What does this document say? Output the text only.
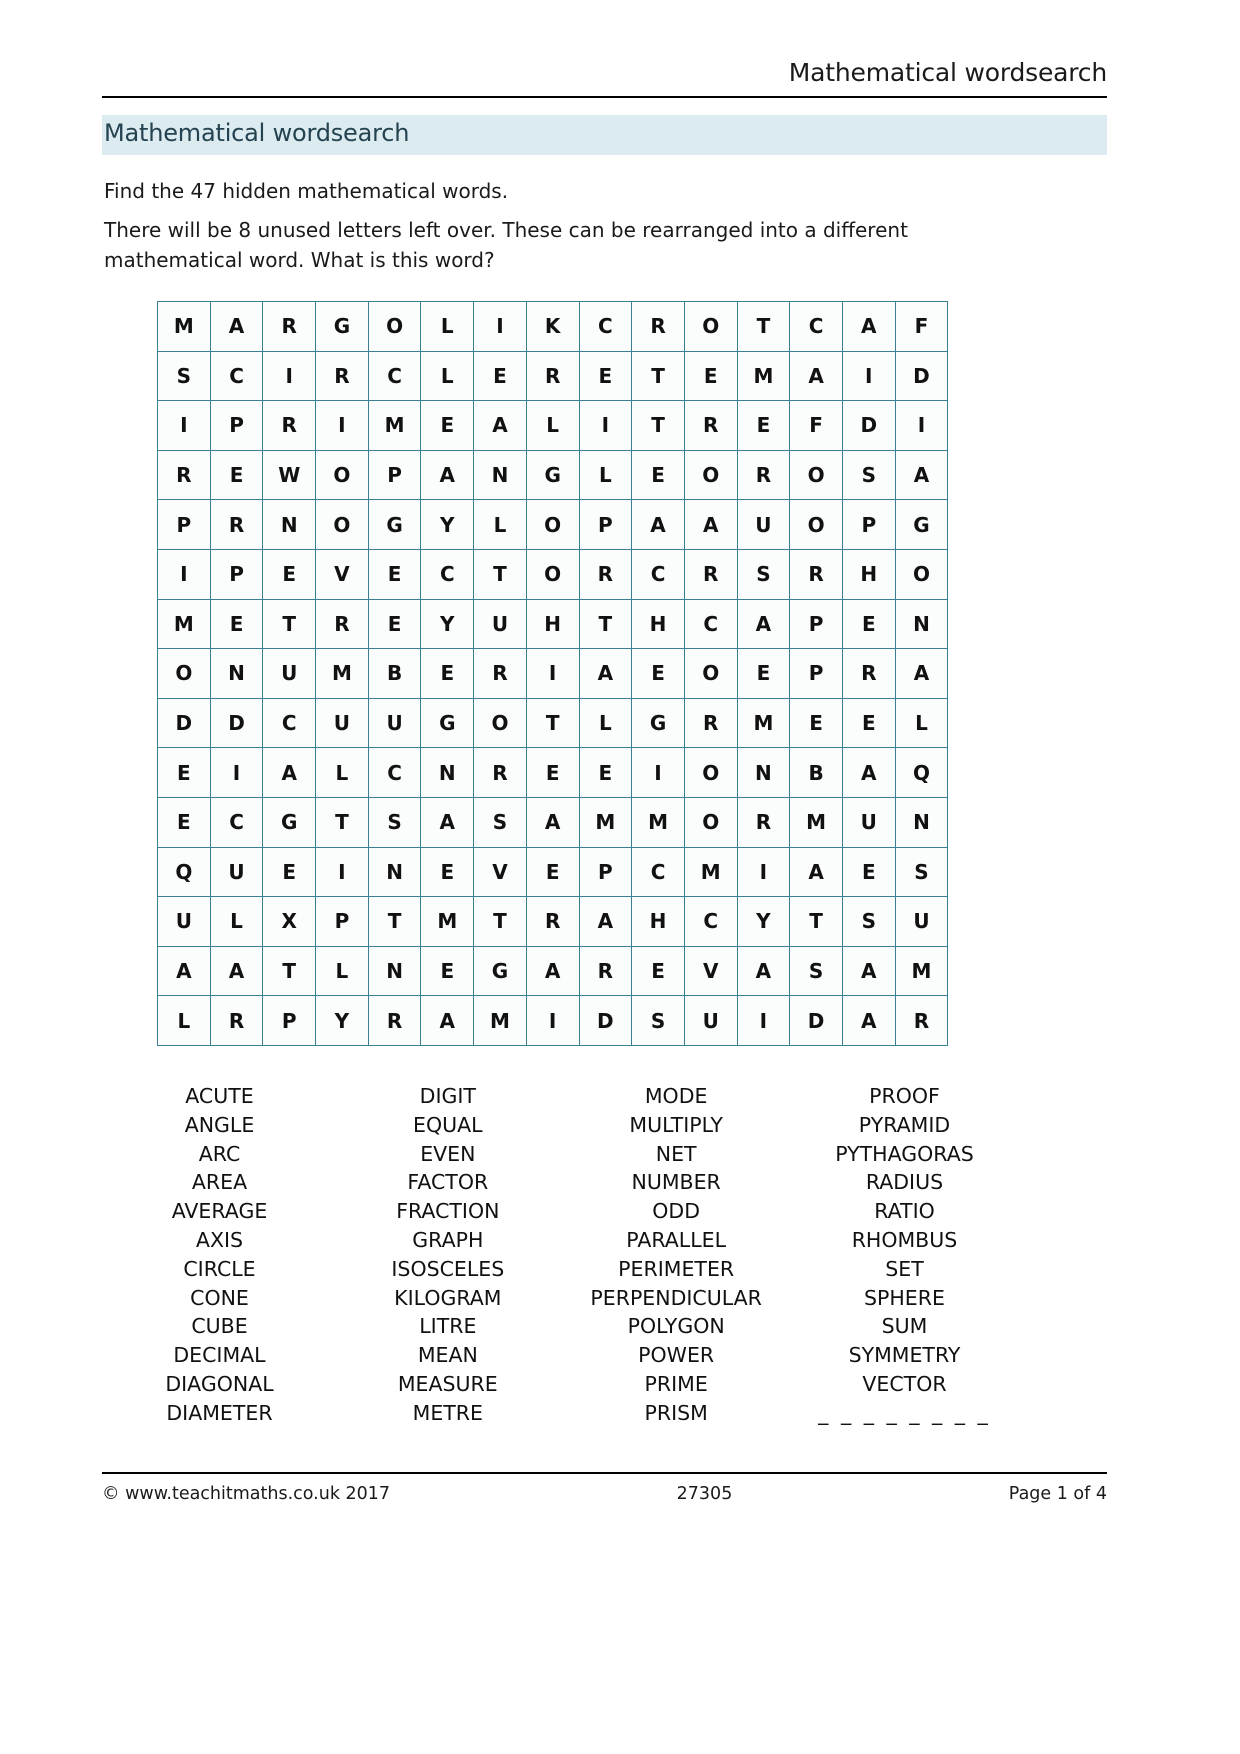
Mathematical wordsearch
Mathematical wordsearch
Find the 47 hidden mathematical words.
There will be 8 unused letters left over. These can be rearranged into a different mathematical word. What is this word?
M	A	R	G	O	L	I	K	C	R	O	T	C	A	F
S	C	I	R	C	L	E	R	E	T	E	M	A	I	D
I	P	R	I	M	E	A	L	I	T	R	E	F	D	I
R	E	W	O	P	A	N	G	L	E	O	R	O	S	A
P	R	N	O	G	Y	L	O	P	A	A	U	O	P	G
I	P	E	V	E	C	T	O	R	C	R	S	R	H	O
M	E	T	R	E	Y	U	H	T	H	C	A	P	E	N
O	N	U	M	B	E	R	I	A	E	O	E	P	R	A
D	D	C	U	U	G	O	T	L	G	R	M	E	E	L
E	I	A	L	C	N	R	E	E	I	O	N	B	A	Q
E	C	G	T	S	A	S	A	M	M	O	R	M	U	N
Q	U	E	I	N	E	V	E	P	C	M	I	A	E	S
U	L	X	P	T	M	T	R	A	H	C	Y	T	S	U
A	A	T	L	N	E	G	A	R	E	V	A	S	A	M
L	R	P	Y	R	A	M	I	D	S	U	I	D	A	R
ACUTE
ANGLE
ARC
AREA
AVERAGE
AXIS
CIRCLE
CONE
CUBE
DECIMAL
DIAGONAL
DIAMETER
DIGIT
EQUAL
EVEN
FACTOR
FRACTION
GRAPH
ISOSCELES
KILOGRAM
LITRE
MEAN
MEASURE
METRE
MODE
MULTIPLY
NET
NUMBER
ODD
PARALLEL
PERIMETER
PERPENDICULAR
POLYGON
POWER
PRIME
PRISM
PROOF
PYRAMID
PYTHAGORAS
RADIUS
RATIO
RHOMBUS
SET
SPHERE
SUM
SYMMETRY
VECTOR
_ _ _ _ _ _ _ _
© www.teachitmaths.co.uk 2017	27305	Page 1 of 4
